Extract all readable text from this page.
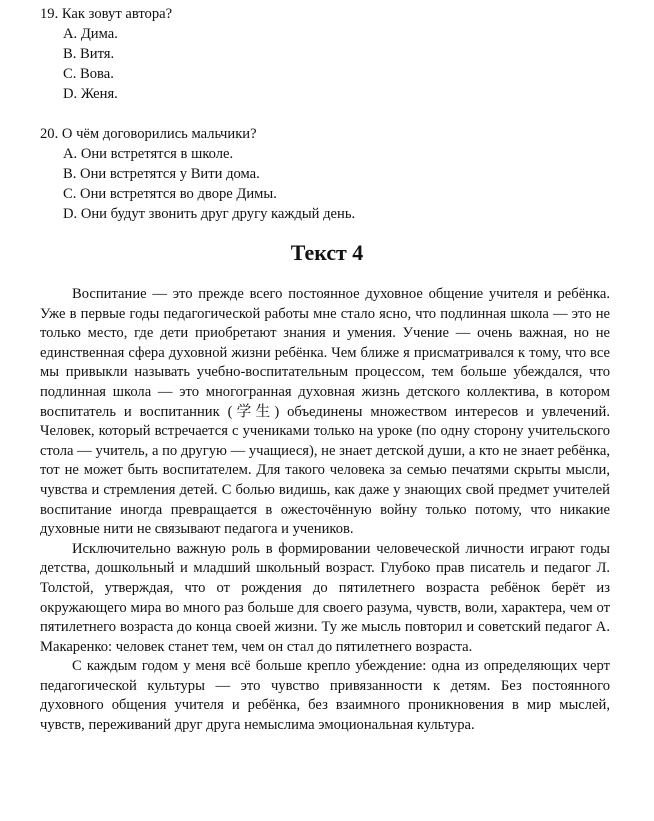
19. Как зовут автора?

A. Дима.

B. Витя.

C. Вова.

D. Женя.

20. О чём договорились мальчики?

A. Они встретятся в школе.

B. Они встретятся у Вити дома.

C. Они встретятся во дворе Димы.

D. Они будут звонить друг другу каждый день.

Текст 4

Воспитание — это прежде всего постоянное духовное общение учителя и ребёнка. Уже в первые годы педагогической работы мне стало ясно, что подлинная школа — это не только место, где дети приобретают знания и умения. Учение — очень важная, но не единственная сфера духовной жизни ребёнка. Чем ближе я присматривался к тому, что все мы привыкли называть учебно-воспитательным процессом, тем больше убеждался, что подлинная школа — это многогранная духовная жизнь детского коллектива, в котором воспитатель и воспитанник (学生) объединены множеством интересов и увлечений. Человек, который встречается с учениками только на уроке (по одну сторону учительского стола — учитель, а по другую — учащиеся), не знает детской души, а кто не знает ребёнка, тот не может быть воспитателем. Для такого человека за семью печатями скрыты мысли, чувства и стремления детей. С болью видишь, как даже у знающих свой предмет учителей воспитание иногда превращается в ожесточённую войну только потому, что никакие духовные нити не связывают педагога и учеников.

Исключительно важную роль в формировании человеческой личности играют годы детства, дошкольный и младший школьный возраст. Глубоко прав писатель и педагог Л. Толстой, утверждая, что от рождения до пятилетнего возраста ребёнок берёт из окружающего мира во много раз больше для своего разума, чувств, воли, характера, чем от пятилетнего возраста до конца своей жизни. Ту же мысль повторил и советский педагог А. Макаренко: человек станет тем, чем он стал до пятилетнего возраста.

С каждым годом у меня всё больше крепло убеждение: одна из определяющих черт педагогической культуры — это чувство привязанности к детям. Без постоянного духовного общения учителя и ребёнка, без взаимного проникновения в мир мыслей, чувств, переживаний друг друга немыслима эмоциональная культура.
